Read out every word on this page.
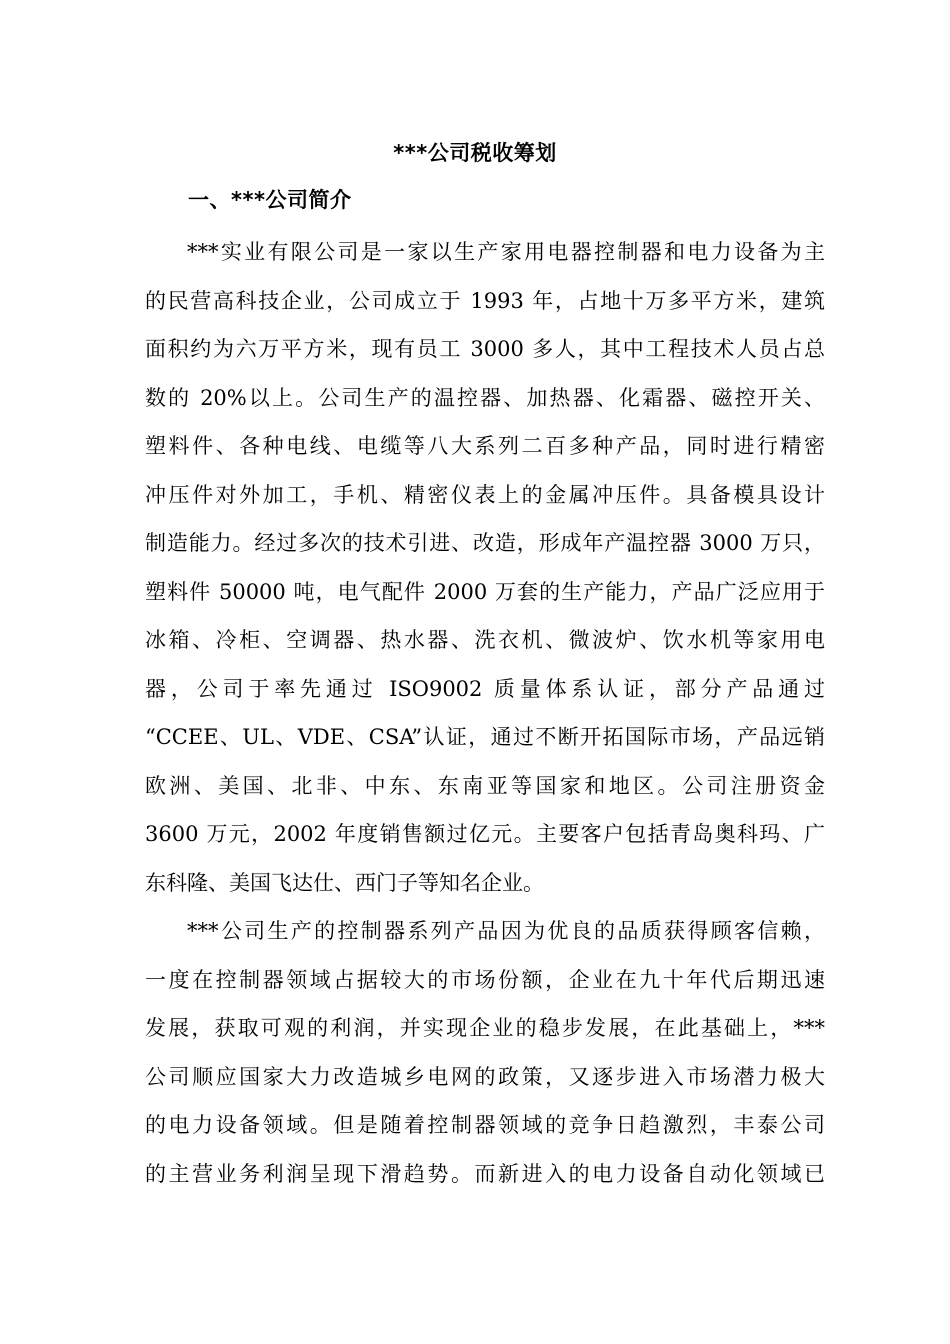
***公司税收筹划
一、***公司简介
***实业有限公司是一家以生产家用电器控制器和电力设备为主
的民营高科技企业，公司成立于 1993 年，占地十万多平方米，建筑
面积约为六万平方米，现有员工 3000 多人，其中工程技术人员占总
数的 20%以上。公司生产的温控器、加热器、化霜器、磁控开关、
塑料件、各种电线、电缆等八大系列二百多种产品，同时进行精密
冲压件对外加工，手机、精密仪表上的金属冲压件。具备模具设计
制造能力。经过多次的技术引进、改造，形成年产温控器 3000 万只，
塑料件 50000 吨，电气配件 2000 万套的生产能力，产品广泛应用于
冰箱、冷柜、空调器、热水器、洗衣机、微波炉、饮水机等家用电
器，公司于率先通过 ISO9002 质量体系认证，部分产品通过
“CCEE、UL、VDE、CSA”认证，通过不断开拓国际市场，产品远销
欧洲、美国、北非、中东、东南亚等国家和地区。公司注册资金
3600 万元，2002 年度销售额过亿元。主要客户包括青岛奥科玛、广
东科隆、美国飞达仕、西门子等知名企业。
***公司生产的控制器系列产品因为优良的品质获得顾客信赖，
一度在控制器领域占据较大的市场份额，企业在九十年代后期迅速
发展，获取可观的利润，并实现企业的稳步发展，在此基础上，***
公司顺应国家大力改造城乡电网的政策，又逐步进入市场潜力极大
的电力设备领域。但是随着控制器领域的竞争日趋激烈，丰泰公司
的主营业务利润呈现下滑趋势。而新进入的电力设备自动化领域已
